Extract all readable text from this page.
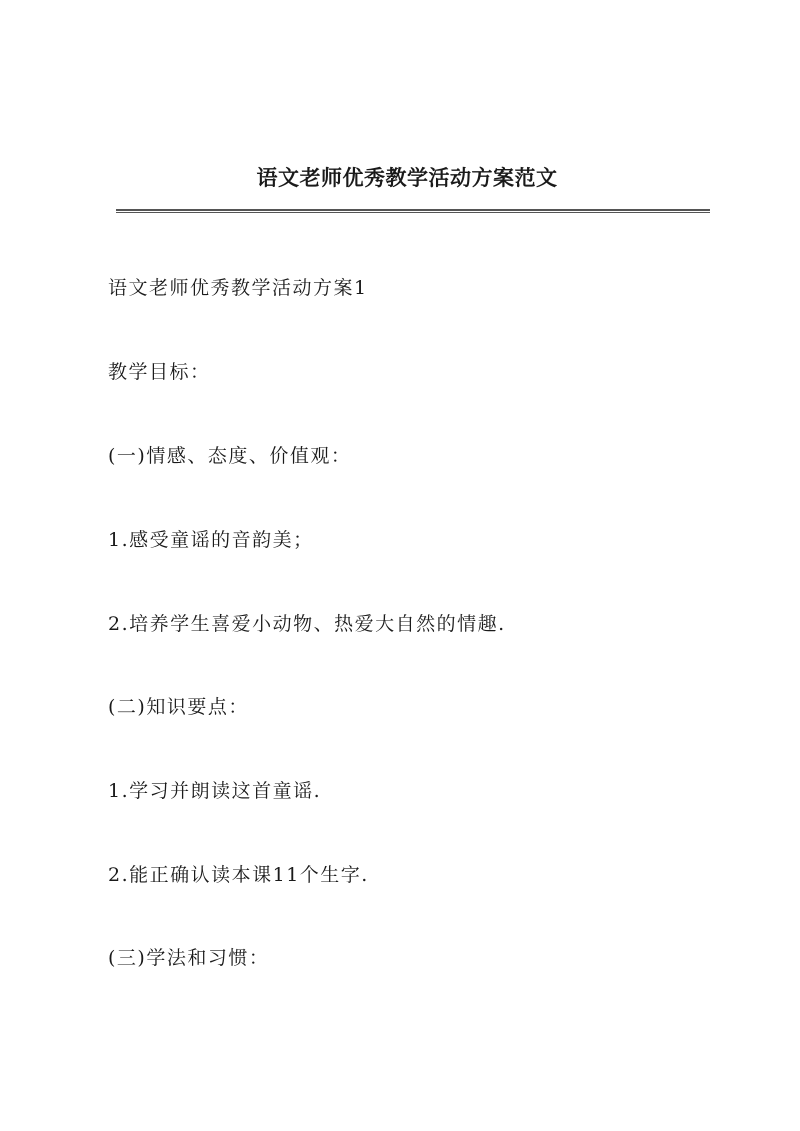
语文老师优秀教学活动方案范文

语文老师优秀教学活动方案1

教学目标：

(一)情感、态度、价值观：

1.感受童谣的音韵美；

2.培养学生喜爱小动物、热爱大自然的情趣.

(二)知识要点：

1.学习并朗读这首童谣.

2.能正确认读本课11个生字.

(三)学法和习惯：
